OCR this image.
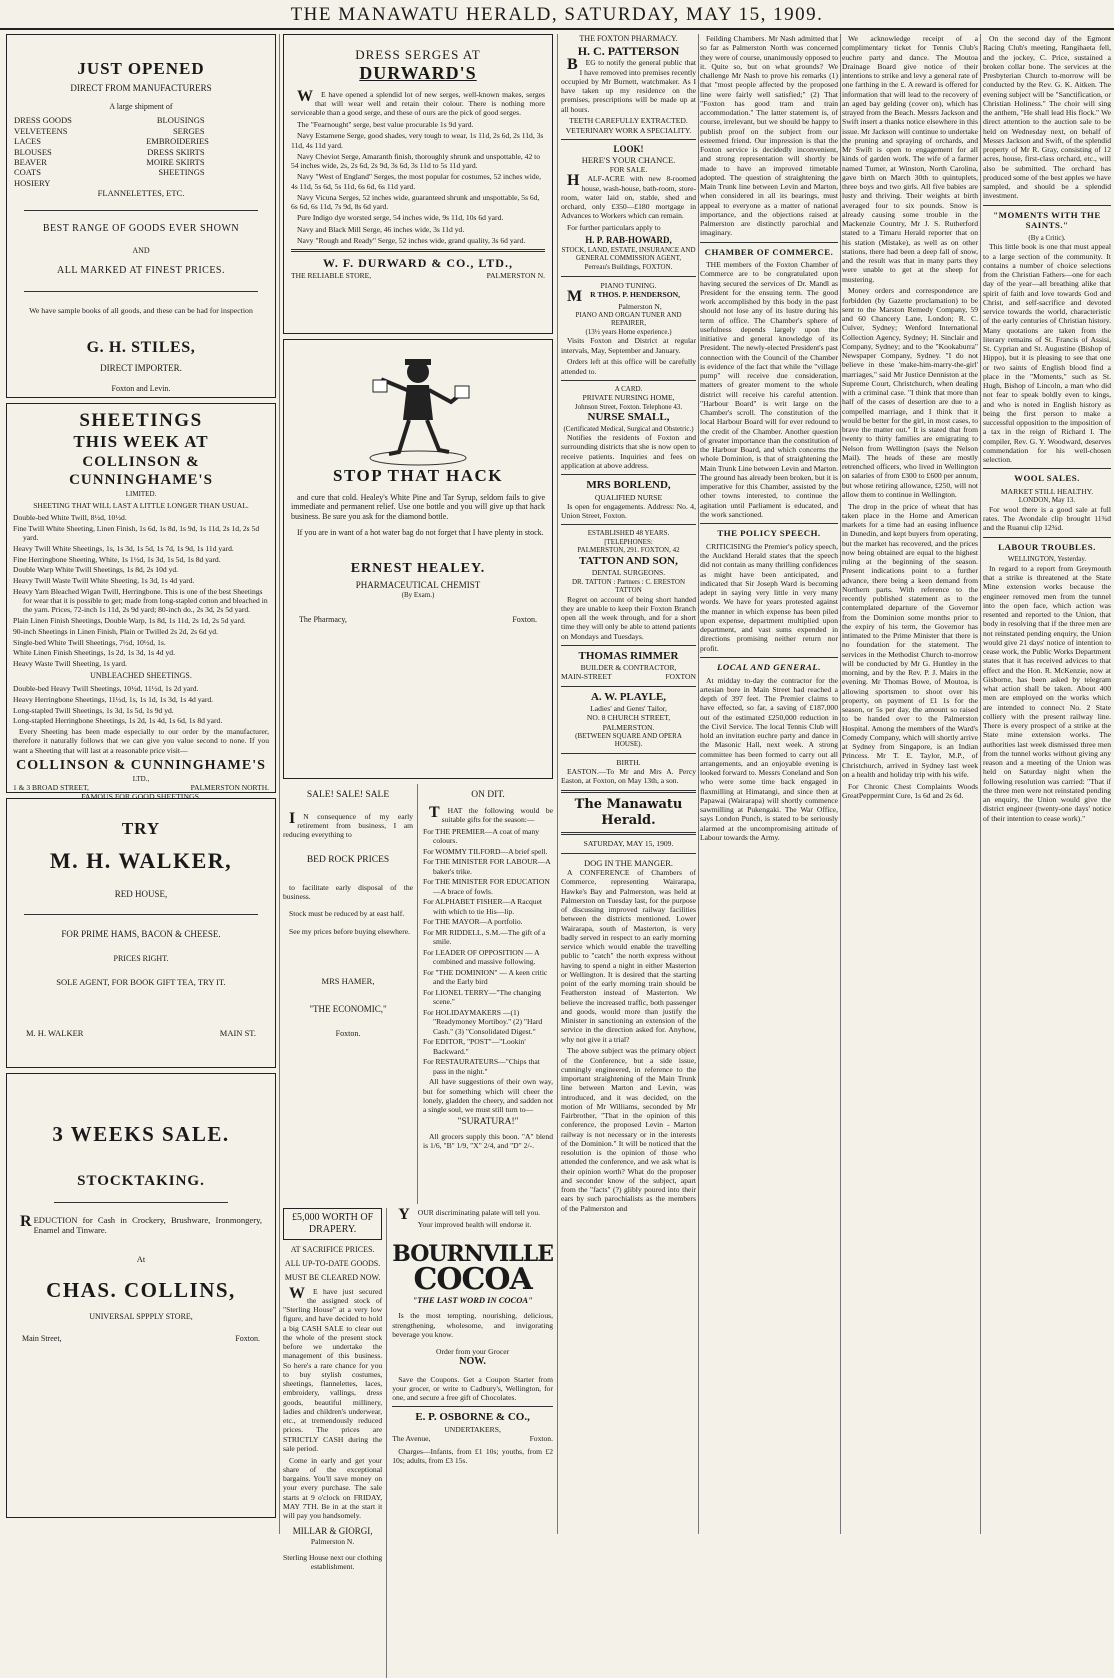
THE MANAWATU HERALD, SATURDAY, MAY 15, 1909.
JUST OPENED
DIRECT FROM MANUFACTURERS
A large shipment of
DRESS GOODS
VELVETEENS
LACES
BLOUSES
BEAVER COATS
HOSIERY
BLOUSINGS
SERGES
EMBROIDERIES
DRESS SKIRTS
MOIRE SKIRTS
SHEETINGS
FLANNELETTES, ETC.
BEST RANGE OF GOODS EVER SHOWN
AND
ALL MARKED AT FINEST PRICES.
We have sample books of all goods, and these can be had for inspection
G. H. STILES,
DIRECT IMPORTER.
Foxton and Levin.
SHEETINGS
THIS WEEK AT
COLLINSON & CUNNINGHAME'S
LIMITED.
SHEETING THAT WILL LAST A LITTLE LONGER THAN USUAL.

Double-bed White Twill, 8½d, 10½d.

Fine Twill White Sheeting, Linen Finish, 1s 6d, 1s 8d, 1s 9d, 1s 11d, 2s 1d, 2s 5d yard.

Heavy Twill White Sheetings, 1s, 1s 3d, 1s 5d, 1s 7d, 1s 9d, 1s 11d yard.

Fine Herringbone Sheeting, White, 1s 1½d, 1s 3d, 1s 5d, 1s 8d yard.

Double Warp White Twill Sheetings, 1s 8d, 2s 10d yd.

Heavy Twill Waste Twill White Sheeting, 1s 3d, 1s 4d yard.

Heavy Yarn Bleached Wigan Twill, Herringbone. This is one of the best Sheetings for wear that it is possible to get; made from long-stapled cotton and bleached in the yarn. Prices, 72-inch 1s 11d, 2s 9d yard; 80-inch do., 2s 3d, 2s 5d yard.

Plain Linen Finish Sheetings, Double Warp, 1s 8d, 1s 11d, 2s 1d, 2s 5d yard.

90-inch Sheetings in Linen Finish, Plain or Twilled 2s 2d, 2s 6d yd.

Single-bed White Twill Sheetings, 7½d, 10½d, 1s.

White Linen Finish Sheetings, 1s 2d, 1s 3d, 1s 4d yd.

Heavy Waste Twill Sheeting, 1s yard.

UNBLEACHED SHEETINGS.

Double-bed Heavy Twill Sheetings, 10½d, 11½d, 1s 2d yard.

Heavy Herringbone Sheetings, 11½d, 1s, 1s 1d, 1s 3d, 1s 4d yard.

Long-stapled Twill Sheetings, 1s 3d, 1s 5d, 1s 9d yd.

Long-stapled Herringbone Sheetings, 1s 2d, 1s 4d, 1s 6d, 1s 8d yard.

Every Sheeting has been made especially to our order by the manufacturer, therefore it naturally follows that we can give you value second to none. If you want a Sheeting that will last at a reasonable price visit—
COLLINSON & CUNNINGHAME'S
LTD.,
1 & 3 BROAD STREET,	PALMERSTON NORTH.
FAMOUS FOR GOOD SHEETINGS.
TRY
M. H. WALKER,
RED HOUSE,
FOR PRIME HAMS, BACON & CHEESE.
PRICES RIGHT.
SOLE AGENT, FOR BOOK GIFT TEA, TRY IT.
M. H. WALKER	MAIN ST.
3 WEEKS SALE.
STOCKTAKING.
REDUCTION for Cash in Crockery, Brushware, Ironmongery, Enamel and Tinware.
At
CHAS. COLLINS,
UNIVERSAL SPPPLY STORE,
Main Street,	Foxton.
DRESS SERGES AT
DURWARD'S
WE have opened a splendid lot of new serges, well-known makes, serges that will wear well and retain their colour. There is nothing more serviceable than a good serge, and these of ours are the pick of good serges.

The "Fearnought" serge, best value procurable 1s 9d yard.

Navy Estamene Serge, good shades, very tough to wear, 1s 11d, 2s 6d, 2s 11d, 3s 11d, 4s 11d yard.

Navy Cheviot Serge, Amaranth finish, thoroughly shrunk and unspottable, 42 to 54 inches wide, 2s, 2s 6d, 2s 9d, 3s 6d, 3s 11d to 5s 11d yard.

Navy "West of England" Serges, the most popular for costumes, 52 inches wide, 4s 11d, 5s 6d, 5s 11d, 6s 6d, 6s 11d yard.

Navy Vicuna Serges, 52 inches wide, guaranteed shrunk and unspottable, 5s 6d, 6s 6d, 6s 11d, 7s 9d, 8s 6d yard.

Pure Indigo dye worsted serge, 54 inches wide, 9s 11d, 10s 6d yard.

Navy and Black Mill Serge, 46 inches wide, 3s 11d yd.

Navy "Rough and Ready" Serge, 52 inches wide, grand quality, 3s 6d yard.

W. F. DURWARD & CO., LTD.,
THE RELIABLE STORE,	PALMERSTON N.
STOP THAT HACK
and cure that cold. Healey's White Pine and Tar Syrup, seldom fails to give immediate and permanent relief. Use one bottle and you will give up that hack business. Be sure you ask for the diamond bottle.
If you are in want of a hot water bag do not forget that I have plenty in stock.
ERNEST HEALEY.
PHARMACEUTICAL CHEMIST
(By Exam.)
The Pharmacy,	Foxton.
SALE! SALE! SALE
IN consequence of my early retirement from business, I am reducing everything to
BED ROCK PRICES
to facilitate early disposal of the business.
Stock must be reduced by at east half.
See my prices before buying elsewhere.
MRS HAMER,
"THE ECONOMIC,"
Foxton.
ON DIT.
THAT the following would be suitable gifts for the season:—

For THE PREMIER—A coat of many colours.

For WOMMY TILFORD—A brief spell.

For THE MINISTER FOR LABOUR—A baker's trike.

For THE MINISTER FOR EDUCATION—A brace of fowls.

For ALPHABET FISHER—A Racquet with which to tie His—lip.

For THE MAYOR—A portfolio.

For MR RIDDELL, S.M.—The gift of a smile.

For LEADER OF OPPOSITION — A combined and massive following.

For "THE DOMINION" — A keen critic and the Early bird

For LIONEL TERRY—"The changing scene."

For HOLIDAYMAKERS —(1) "Readymoney Mortiboy." (2) "Hard Cash." (3) "Consolidated Digest."

For EDITOR, "POST"—"Lookin' Backward."

For RESTAURATEURS—"Chips that pass in the night."

All have suggestions of their own way, but for something which will cheer the lonely, gladden the cheery, and sadden not a single soul, we must still turn to—
"SURATURA!"
All grocers supply this boon. "A" blend is 1/6, "B" 1/9, "X" 2/4, and "D" 2/-.
£5,000 WORTH OF DRAPERY.
AT SACRIFICE PRICES.
ALL UP-TO-DATE GOODS.
MUST BE CLEARED NOW.
WE have just secured the assigned stock of "Sterling House" at a very low figure, and have decided to hold a big CASH SALE to clear out the whole of the present stock before we undertake the management of this business. So here's a rare chance for you to buy stylish costumes, sheetings, flannelettes, laces, embroidery, vallings, dress goods, beautiful millinery, ladies and children's underwear, etc., at tremendously reduced prices. The prices are STRICTLY CASH during the sale period.
Come in early and get your share of the exceptional bargains. You'll save money on your every purchase. The sale starts at 9 o'clock on FRIDAY, MAY 7TH. Be in at the start it will pay you handsomely.
MILLAR & GIORGI,
Palmerston N.
Sterling House next our clothing establishment.
YOUR discriminating palate will tell you.
Your improved health will endorse it.
BOURNVILLE
COCOA
"THE LAST WORD IN COCOA"
Is the most tempting, nourishing, delicious, strengthening, wholesome, and invigorating beverage you know.
Order from your Grocer
NOW.
Save the Coupons. Get a Coupon Starter from your grocer, or write to Cadbury's, Wellington, for one, and secure a free gift of Chocolates.
E. P. OSBORNE & CO.,
UNDERTAKERS,
The Avenue,	Foxton.
Charges—Infants, from £1 10s; youths, from £2 10s; adults, from £3 15s.
THE FOXTON PHARMACY.
H. C. PATTERSON
BEG to notify the general public that I have removed into premises recently occupied by Mr Burnett, watchmaker. As I have taken up my residence on the premises, prescriptions will be made up at all hours.
TEETH CAREFULLY EXTRACTED.
VETERINARY WORK A SPECIALITY.
LOOK!
HERE'S YOUR CHANCE.
FOR SALE.
HALF-ACRE with new 8-roomed house, wash-house, bath-room, store-room, water laid on, stable, shed and orchard, only £350—£180 mortgage in Advances to Workers which can remain.
For further particulars apply to
H. P. RAB-HOWARD,
STOCK, LAND, ESTATE, INSURANCE AND GENERAL COMMISSION AGENT,
Perreau's Buildings, FOXTON.
PIANO TUNING.
MR THOS. P. HENDERSON,
Palmerston N,
PIANO AND ORGAN TUNER AND REPAIRER,
(13½ years Home experience.)
Visits Foxton and District at regular intervals, May, September and January.
Orders left at this office will be carefully attended to.
A CARD.
PRIVATE NURSING HOME,
Johnson Street, Foxton. Telephone 43.
NURSE SMALL,
(Certificated Medical, Surgical and Obstetric.)
Notifies the residents of Foxton and surrounding districts that she is now open to receive patients. Inquiries and fees on application at above address.
MRS BORLEND,
QUALIFIED NURSE
Is open for engagements. Address: No. 4, Union Street, Foxton.
ESTABLISHED 48 YEARS.
[TELEPHONES:
PALMERSTON, 291. FOXTON, 42
TATTON AND SON,
DENTAL SURGEONS.
DR. TATTON : Partners : C. ERESTON TATTON
Regret on account of being short handed they are unable to keep their Foxton Branch open all the week through, and for a short time they will only be able to attend patients on Mondays and Tuesdays.
THOMAS RIMMER
BUILDER & CONTRACTOR,
MAIN-STREET	FOXTON
A. W. PLAYLE,
Ladies' and Gents' Tailor,
NO. 8 CHURCH STREET, PALMERSTON.
(BETWEEN SQUARE AND OPERA HOUSE).
BIRTH.
EASTON.—To Mr and Mrs A. Percy Easton, at Foxton, on May 13th, a son.
The Manawatu Herald.
SATURDAY, MAY 15, 1909.
DOG IN THE MANGER.
A CONFERENCE of Chambers of Commerce, representing Wairarapa, Hawke's Bay and Palmerston, was held at Palmerston on Tuesday last, for the purpose of discussing improved railway facilities between the districts mentioned. Lower Wairarapa, south of Masterton, is very badly served in respect to an early morning service which would enable the travelling public to "catch" the north express without having to spend a night in either Masterton or Wellington. It is desired that the starting point of the early morning train should be Featherston instead of Masterton. We believe the increased traffic, both passenger and goods, would more than justify the Minister in sanctioning an extension of the service in the direction asked for. Anyhow, why not give it a trial?
The above subject was the primary object of the Conference, but a side issue, cunningly engineered, in reference to the important straightening of the Main Trunk line between Marton and Levin, was introduced, and it was decided, on the motion of Mr Williams, seconded by Mr Fairbrother, "That in the opinion of this conference, the proposed Levin - Marton railway is not necessary or in the interests of the Dominion." It will be noticed that the resolution is the opinion of those who attended the conference, and we ask what is their opinion worth? What do the proposer and seconder know of the subject, apart from the "facts" (?) glibly poured into their ears by such parochialists as the members of the Palmerston and
Feilding Chambers. Mr Nash admitted that so far as Palmerston North was concerned they were of course, unanimously opposed to it. Quite so, but on what grounds? We challenge Mr Nash to prove his remarks (1) that "most people affected by the proposed line were fairly well satisfied;" (2) That "Foxton has good tram and train accommodation." The latter statement is, of course, irrelevant, but we should be happy to publish proof on the subject from our esteemed friend. Our impression is that the Foxton service is decidedly inconvenient, and strong representation will shortly be made to have an improved timetable adopted. The question of straightening the Main Trunk line between Levin and Marton, when considered in all its bearings, must appeal to everyone as a matter of national importance, and the objections raised at Palmerston are distinctly parochial and imaginary.
CHAMBER OF COMMERCE.
THE members of the Foxton Chamber of Commerce are to be congratulated upon having secured the services of Dr. Mandl as President for the ensuing term. The good work accomplished by this body in the past should not lose any of its lustre during his term of office. The Chamber's sphere of usefulness depends largely upon the initiative and general knowledge of its President. The newly-elected President's past connection with the Council of the Chamber is evidence of the fact that while the "village pump" will receive due consideration, matters of greater moment to the whole district will receive his careful attention. "Harbour Board" is writ large on the Chamber's scroll. The constitution of the local Harbour Board will for ever redound to the credit of the Chamber. Another question of greater importance than the constitution of the Harbour Board, and which concerns the whole Dominion, is that of straightening the Main Trunk Line between Levin and Marton. The ground has already been broken, but it is imperative for this Chamber, assisted by the other towns interested, to continue the agitation until Parliament is educated, and the work sanctioned.
THE POLICY SPEECH.
CRITICISING the Premier's policy speech, the Auckland Herald states that the speech did not contain as many thrilling confidences as might have been anticipated, and indicated that Sir Joseph Ward is becoming adept in saying very little in very many words. We have for years protested against the manner in which expense has been piled upon expense, department multiplied upon department, and vast sums expended in directions promising neither return nor profit.
LOCAL AND GENERAL.
At midday to-day the contractor for the artesian bore in Main Street had reached a depth of 397 feet. The Premier claims to have effected, so far, a saving of £187,000 out of the estimated £250,000 reduction in the Civil Service. The local Tennis Club will hold an invitation euchre party and dance in the Masonic Hall, next week. A strong committee has been formed to carry out all arrangements, and an enjoyable evening is looked forward to. Messrs Coneland and Son who were some time back engaged in flaxmilling at Himatangi, and since then at Papawai (Wairarapa) will shortly commence sawmilling at Pukengaki. The War Office, says London Punch, is stated to be seriously alarmed at the uncompromising attitude of Labour towards the Army.
We acknowledge receipt of a complimentary ticket for Tennis Club's euchre party and dance. The Moutoa Drainage Board give notice of their intentions to strike and levy a general rate of one farthing in the £. A reward is offered for information that will lead to the recovery of an aged bay gelding (cover on), which has strayed from the Beach. Messrs Jackson and Swift insert a thanks notice elsewhere in this issue. Mr Jackson will continue to undertake the pruning and spraying of orchards, and Mr Swift is open to engagement for all kinds of garden work. The wife of a farmer named Turner, at Winston, North Carolina, gave birth on March 30th to quintuplets, three boys and two girls. All five babies are lusty and thriving. Their weights at birth averaged four to six pounds. Snow is already causing some trouble in the Mackenzie Country, Mr J. S. Rutherford stated to a Timaru Herald reporter that on his station (Mistake), as well as on other stations, there had been a deep fall of snow, and the result was that in many parts they were unable to get at the sheep for mustering.
Money orders and correspondence are forbidden (by Gazette proclamation) to be sent to the Marston Remedy Company, 59 and 60 Chancery Lane, London; R. C. Culver, Sydney; Wenford International Collection Agency, Sydney; H. Sinclair and Company, Sydney; and to the "Kookaburra" Newspaper Company, Sydney. "I do not believe in these 'make-him-marry-the-girl' marriages," said Mr Justice Denniston at the Supreme Court, Christchurch, when dealing with a criminal case. "I think that more than half of the cases of desertion are due to a compelled marriage, and I think that it would be better for the girl, in most cases, to brave the matter out." It is stated that from twenty to thirty families are emigrating to Nelson from Wellington (says the Nelson Mail). The heads of these are mostly retrenched officers, who lived in Wellington on salaries of from £300 to £600 per annum, but whose retiring allowance, £250, will not allow them to continue in Wellington.
The drop in the price of wheat that has taken place in the Home and American markets for a time had an easing influence in Dunedin, and kept buyers from operating, but the market has recovered, and the prices now being obtained are equal to the highest ruling at the beginning of the season. Present indications point to a further advance, there being a keen demand from Northern parts. With reference to the recently published statement as to the contemplated departure of the Governor from the Dominion some months prior to the expiry of his term, the Governor has intimated to the Prime Minister that there is no foundation for the statement. The services in the Methodist Church to-morrow will be conducted by Mr G. Huntley in the morning, and by the Rev. P. J. Mairs in the evening. Mr Thomas Bowe, of Moutoa, is allowing sportsmen to shoot over his property, on payment of £1 1s for the season, or 5s per day, the amount so raised to be handed over to the Palmerston Hospital. Among the members of the Ward's Comedy Company, which will shortly arrive at Sydney from Singapore, is an Indian Princess. Mr T. E. Taylor, M.P., of Christchurch, arrived in Sydney last week on a health and holiday trip with his wife.
For Chronic Chest Complaints Woods GreatPeppermint Cure, 1s 6d and 2s 6d.
On the second day of the Egmont Racing Club's meeting, Rangihaeta fell, and the jockey, C. Price, sustained a broken collar bone. The services at the Presbyterian Church to-morrow will be conducted by the Rev. G. K. Aitken. The evening subject will be "Sanctification, or Christian Holiness." The choir will sing the anthem, "He shall lead His flock." We direct attention to the auction sale to be held on Wednesday next, on behalf of Messrs Jackson and Swift, of the splendid property of Mr R. Gray, consisting of 12 acres, house, first-class orchard, etc., will also be submitted. The orchard has produced some of the best apples we have sampled, and should be a splendid investment.
"MOMENTS WITH THE SAINTS."
(By a Critic).
This little book is one that must appeal to a large section of the community. It contains a number of choice selections from the Christian Fathers—one for each day of the year—all breathing alike that spirit of faith and love towards God and Christ, and self-sacrifice and devoted service towards the world, characteristic of the early centuries of Christian history. Many quotations are taken from the literary remains of St. Francis of Assisi, St. Cyprian and St. Augustine (Bishop of Hippo), but it is pleasing to see that one or two saints of English blood find a place in the "Moments," such as St. Hugh, Bishop of Lincoln, a man who did not fear to speak boldly even to kings, and who is noted in English history as being the first person to make a successful opposition to the imposition of a tax in the reign of Richard I. The compiler, Rev. G. Y. Woodward, deserves commendation for his well-chosen selection.
WOOL SALES.
MARKET STILL HEALTHY.
LONDON, May 13.
For wool there is a good sale at full rates. The Avondale clip brought 11¾d and the Ruanui clip 12¾d.
LABOUR TROUBLES.
WELLINGTON, Yesterday.
In regard to a report from Greymouth that a strike is threatened at the State Mine extension works because the engineer removed men from the tunnel into the open face, which action was resented and reported to the Union, that body in resolving that if the three men are not reinstated pending enquiry, the Union would give 21 days' notice of intention to cease work, the Public Works Department states that it has received advices to that effect and the Hon. R. McKenzie, now at Gisborne, has been asked by telegram what action shall be taken. About 400 men are employed on the works which are intended to connect No. 2 State colliery with the present railway line. There is every prospect of a strike at the State mine extension works. The authorities last week dismissed three men from the tunnel works without giving any reason and a meeting of the Union was held on Saturday night when the following resolution was carried: "That if the three men were not reinstated pending an enquiry, the Union would give the district engineer (twenty-one days' notice of their intention to cease work)."
